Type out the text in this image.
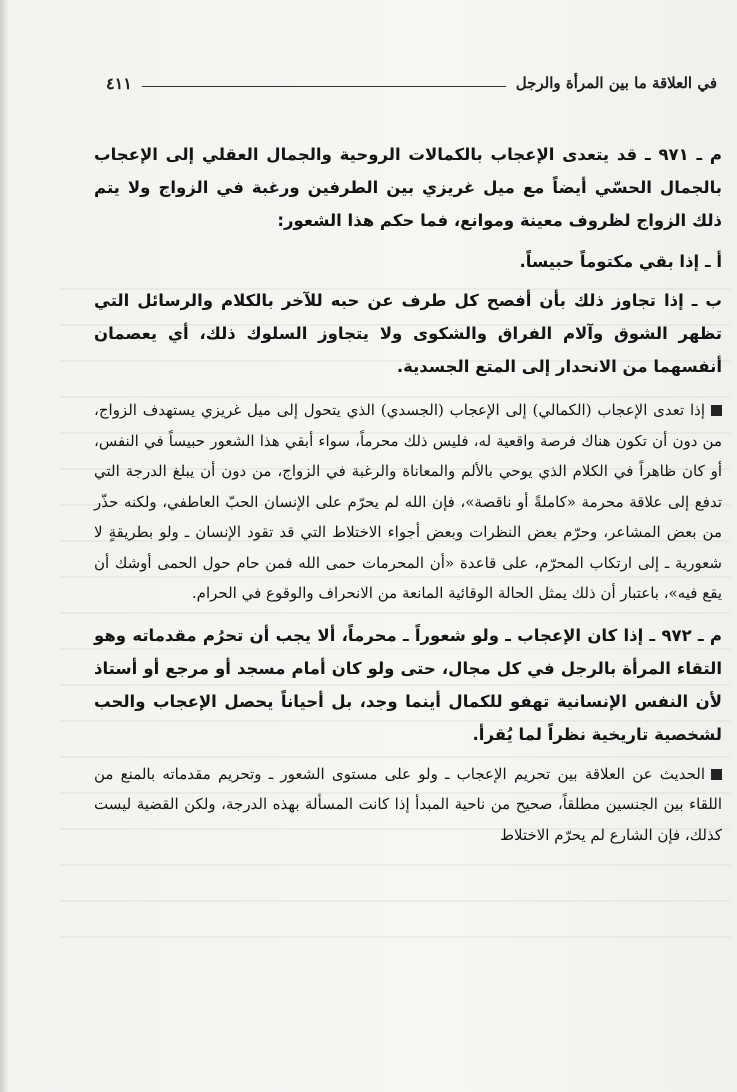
في العلاقة ما بين المرأة والرجل
٤١١

م ـ ٩٧١ ـ قد يتعدى الإعجاب بالكمالات الروحية والجمال العقلي إلى الإعجاب بالجمال الحسّي أيضاً مع ميل غريزي بين الطرفين ورغبة في الزواج ولا يتم ذلك الزواج لظروف معينة وموانع، فما حكم هذا الشعور:

أ ـ إذا بقي مكتوماً حبيساً.

ب ـ إذا تجاوز ذلك بأن أفصح كل طرف عن حبه للآخر بالكلام والرسائل التي تظهر الشوق وآلام الفراق والشكوى ولا يتجاوز السلوك ذلك، أي يعصمان أنفسهما من الانحدار إلى المتع الجسدية.

إذا تعدى الإعجاب (الكمالي) إلى الإعجاب (الجسدي) الذي يتحول إلى ميل غريزي يستهدف الزواج، من دون أن تكون هناك فرصة واقعية له، فليس ذلك محرماً، سواء أبقي هذا الشعور حبيساً في النفس، أو كان ظاهراً في الكلام الذي يوحي بالألم والمعاناة والرغبة في الزواج، من دون أن يبلغ الدرجة التي تدفع إلى علاقة محرمة «كاملةً أو ناقصة»، فإن الله لم يحرّم على الإنسان الحبّ العاطفي، ولكنه حذّر من بعض المشاعر، وحرّم بعض النظرات وبعض أجواء الاختلاط التي قد تقود الإنسان ـ ولو بطريقةٍ لا شعورية ـ إلى ارتكاب المحرّم، على قاعدة «أن المحرمات حمى الله فمن حام حول الحمى أوشك أن يقع فيه»، باعتبار أن ذلك يمثل الحالة الوقائية المانعة من الانحراف والوقوع في الحرام.

م ـ ٩٧٢ ـ إذا كان الإعجاب ـ ولو شعوراً ـ محرماً، ألا يجب أن تحرُم مقدماته وهو التقاء المرأة بالرجل في كل مجال، حتى ولو كان أمام مسجد أو مرجع أو أستاذ لأن النفس الإنسانية تهفو للكمال أينما وجد، بل أحياناً يحصل الإعجاب والحب لشخصية تاريخية نظراً لما يُقرأ.

الحديث عن العلاقة بين تحريم الإعجاب ـ ولو على مستوى الشعور ـ وتحريم مقدماته بالمنع من اللقاء بين الجنسين مطلقاً، صحيح من ناحية المبدأ إذا كانت المسألة بهذه الدرجة، ولكن القضية ليست كذلك، فإن الشارع لم يحرّم الاختلاط
